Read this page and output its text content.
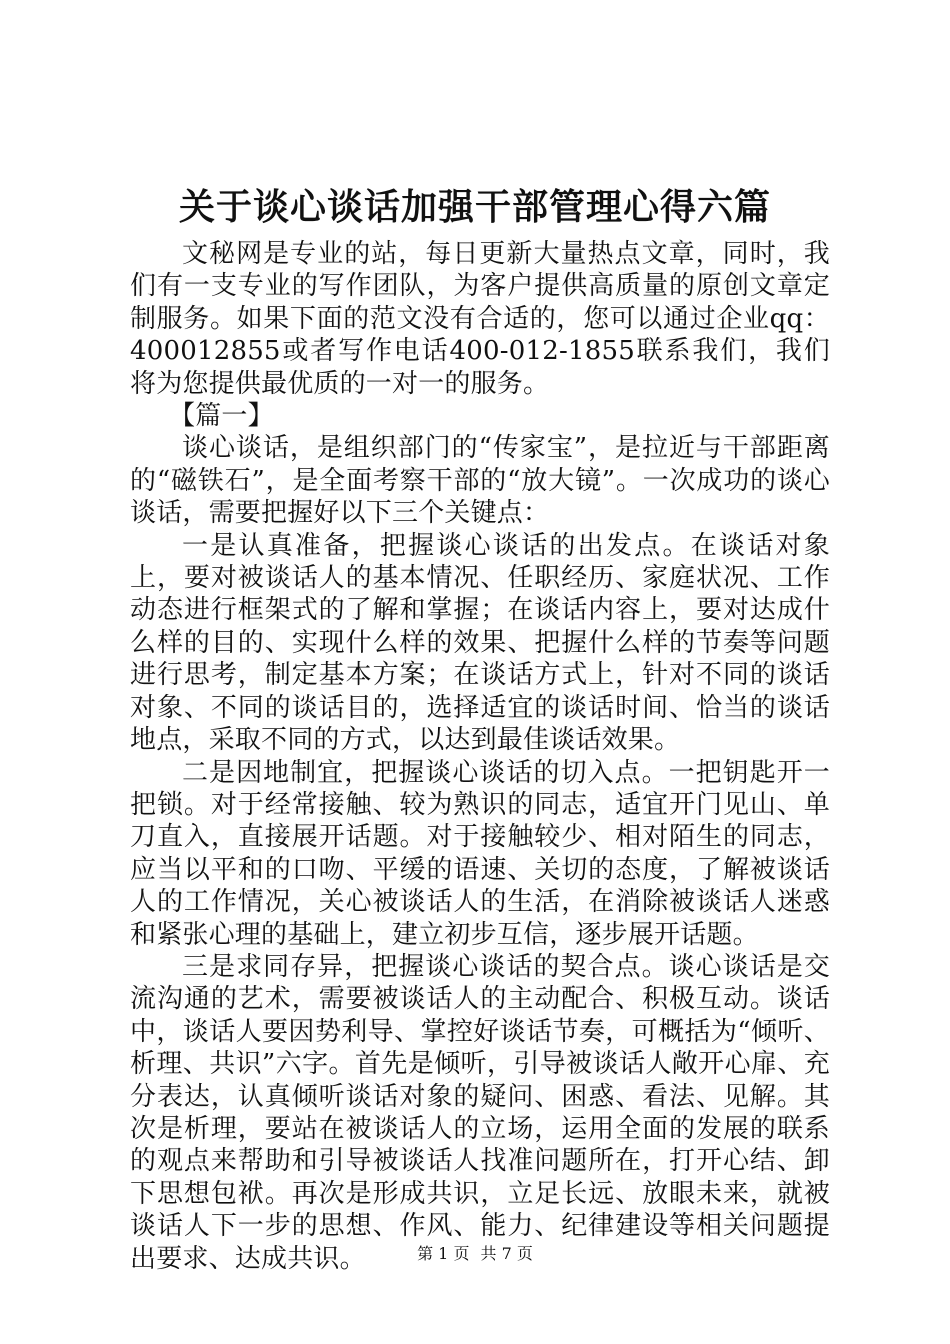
关于谈心谈话加强干部管理心得六篇

文秘网是专业的站，每日更新大量热点文章，同时，我们有一支专业的写作团队，为客户提供高质量的原创文章定制服务。如果下面的范文没有合适的，您可以通过企业qq：400012855或者写作电话400-012-1855联系我们，我们将为您提供最优质的一对一的服务。

【篇一】

谈心谈话，是组织部门的“传家宝”，是拉近与干部距离的“磁铁石”，是全面考察干部的“放大镜”。一次成功的谈心谈话，需要把握好以下三个关键点：

一是认真准备，把握谈心谈话的出发点。在谈话对象上，要对被谈话人的基本情况、任职经历、家庭状况、工作动态进行框架式的了解和掌握；在谈话内容上，要对达成什么样的目的、实现什么样的效果、把握什么样的节奏等问题进行思考，制定基本方案；在谈话方式上，针对不同的谈话对象、不同的谈话目的，选择适宜的谈话时间、恰当的谈话地点，采取不同的方式，以达到最佳谈话效果。

二是因地制宜，把握谈心谈话的切入点。一把钥匙开一把锁。对于经常接触、较为熟识的同志，适宜开门见山、单刀直入，直接展开话题。对于接触较少、相对陌生的同志，应当以平和的口吻、平缓的语速、关切的态度，了解被谈话人的工作情况，关心被谈话人的生活，在消除被谈话人迷惑和紧张心理的基础上，建立初步互信，逐步展开话题。

三是求同存异，把握谈心谈话的契合点。谈心谈话是交流沟通的艺术，需要被谈话人的主动配合、积极互动。谈话中，谈话人要因势利导、掌控好谈话节奏，可概括为“倾听、析理、共识”六字。首先是倾听，引导被谈话人敞开心扉、充分表达，认真倾听谈话对象的疑问、困惑、看法、见解。其次是析理，要站在被谈话人的立场，运用全面的发展的联系的观点来帮助和引导被谈话人找准问题所在，打开心结、卸下思想包袱。再次是形成共识，立足长远、放眼未来，就被谈话人下一步的思想、作风、能力、纪律建设等相关问题提出要求、达成共识。	第 1 页 共 7 页
